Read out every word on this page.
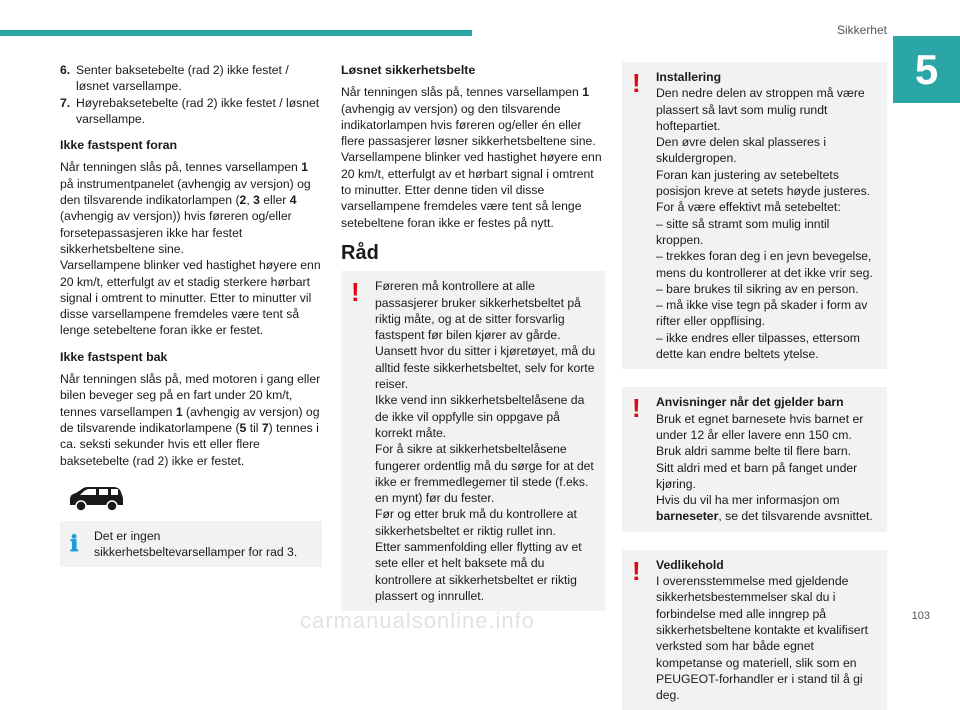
Sikkerhet
5
6. Senter baksetebelte (rad 2) ikke festet / løsnet varsellampe.
7. Høyrebaksetebelte (rad 2) ikke festet / løsnet varsellampe.
Ikke fastspent foran

Når tenningen slås på, tennes varsellampen 1 på instrumentpanelet (avhengig av versjon) og den tilsvarende indikatorlampen (2, 3 eller 4 (avhengig av versjon)) hvis føreren og/eller forsetepassasjeren ikke har festet sikkerhetsbeltene sine.

Varsellampene blinker ved hastighet høyere enn 20 km/t, etterfulgt av et stadig sterkere hørbart signal i omtrent to minutter. Etter to minutter vil disse varsellampene fremdeles være tent så lenge setebeltene foran ikke er festet.

Ikke fastspent bak

Når tenningen slås på, med motoren i gang eller bilen beveger seg på en fart under 20 km/t, tennes varsellampen 1 (avhengig av versjon) og de tilsvarende indikatorlampene (5 til 7) tennes i ca. seksti sekunder hvis ett eller flere baksetebelte (rad 2) ikke er festet.

ℹ Det er ingen sikkerhetsbeltevarsellamper for rad 3.

Løsnet sikkerhetsbelte

Når tenningen slås på, tennes varsellampen 1 (avhengig av versjon) og den tilsvarende indikatorlampen hvis føreren og/eller én eller flere passasjerer løsner sikkerhetsbeltene sine.

Varsellampene blinker ved hastighet høyere enn 20 km/t, etterfulgt av et hørbart signal i omtrent to minutter. Etter denne tiden vil disse varsellampene fremdeles være tent så lenge setebeltene foran ikke er festes på nytt.

Råd
! Føreren må kontrollere at alle passasjerer bruker sikkerhetsbeltet på riktig måte, og at de sitter forsvarlig fastspent før bilen kjører av gårde.

Uansett hvor du sitter i kjøretøyet, må du alltid feste sikkerhetsbeltet, selv for korte reiser.

Ikke vend inn sikkerhetsbeltelåsene da de ikke vil oppfylle sin oppgave på korrekt måte.

For å sikre at sikkerhetsbeltelåsene fungerer ordentlig må du sørge for at det ikke er fremmedlegemer til stede (f.eks. en mynt) før du fester.

Før og etter bruk må du kontrollere at sikkerhetsbeltet er riktig rullet inn.

Etter sammenfolding eller flytting av et sete eller et helt baksete må du kontrollere at sikkerhetsbeltet er riktig plassert og innrullet.

! Installering

Den nedre delen av stroppen må være plassert så lavt som mulig rundt hoftepartiet.

Den øvre delen skal plasseres i skuldergropen.

Foran kan justering av setebeltets posisjon kreve at setets høyde justeres.

For å være effektivt må setebeltet:

– sitte så stramt som mulig inntil kroppen.

– trekkes foran deg i en jevn bevegelse, mens du kontrollerer at det ikke vrir seg.

– bare brukes til sikring av en person.

– må ikke vise tegn på skader i form av rifter eller oppflising.

– ikke endres eller tilpasses, ettersom dette kan endre beltets ytelse.

! Anvisninger når det gjelder barn

Bruk et egnet barnesete hvis barnet er under 12 år eller lavere enn 150 cm.

Bruk aldri samme belte til flere barn.

Sitt aldri med et barn på fanget under kjøring.

Hvis du vil ha mer informasjon om barneseter, se det tilsvarende avsnittet.

! Vedlikehold

I overensstemmelse med gjeldende sikkerhetsbestemmelser skal du i forbindelse med alle inngrep på sikkerhetsbeltene kontakte et kvalifisert verksted som har både egnet kompetanse og materiell, slik som en PEUGEOT-forhandler er i stand til å gi deg.

carmanualsonline.info	103
